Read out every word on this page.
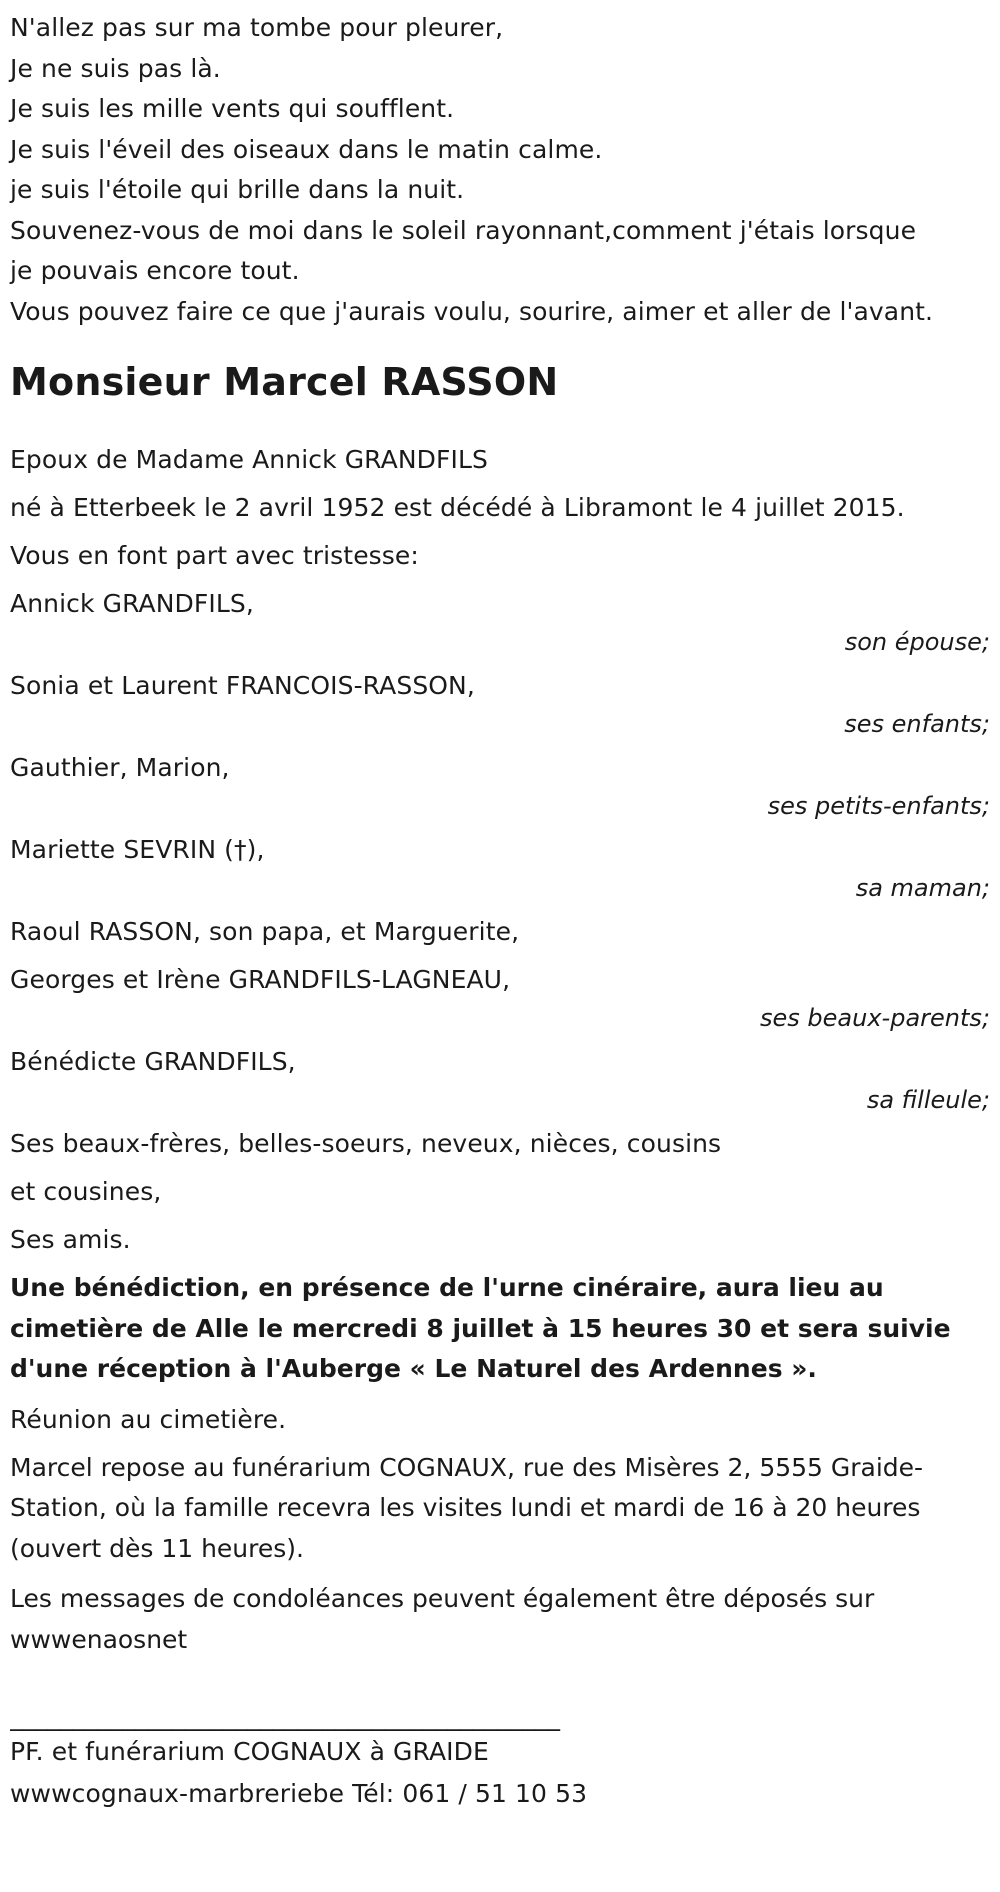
N'allez pas sur ma tombe pour pleurer,
Je ne suis pas là.
Je suis les mille vents qui soufflent.
Je suis l'éveil des oiseaux dans le matin calme.
je suis l'étoile qui brille dans la nuit.
Souvenez-vous de moi dans le soleil rayonnant,comment j'étais lorsque
je pouvais encore tout.
Vous pouvez faire ce que j'aurais voulu, sourire, aimer et aller de l'avant.
Monsieur Marcel RASSON
Epoux de Madame Annick GRANDFILS
né à Etterbeek le 2 avril 1952 est décédé à Libramont le 4 juillet 2015.
Vous en font part avec tristesse:
Annick GRANDFILS,
son épouse;
Sonia et Laurent FRANCOIS-RASSON,
ses enfants;
Gauthier, Marion,
ses petits-enfants;
Mariette SEVRIN (†),
sa maman;
Raoul RASSON, son papa, et Marguerite,
Georges et Irène GRANDFILS-LAGNEAU,
ses beaux-parents;
Bénédicte GRANDFILS,
sa filleule;
Ses beaux-frères, belles-soeurs, neveux, nièces, cousins
et cousines,
Ses amis.
Une bénédiction, en présence de l'urne cinéraire, aura lieu au cimetière de Alle le mercredi 8 juillet à 15 heures 30 et sera suivie d'une réception à l'Auberge « Le Naturel des Ardennes ».
Réunion au cimetière.
Marcel repose au funérarium COGNAUX, rue des Misères 2, 5555 Graide-Station, où la famille recevra les visites lundi et mardi de 16 à 20 heures (ouvert dès 11 heures).
Les messages de condoléances peuvent également être déposés sur wwwenaosnet
____________________________________________
PF. et funérarium COGNAUX à GRAIDE
wwwcognaux-marbreriebe Tél: 061 / 51 10 53
